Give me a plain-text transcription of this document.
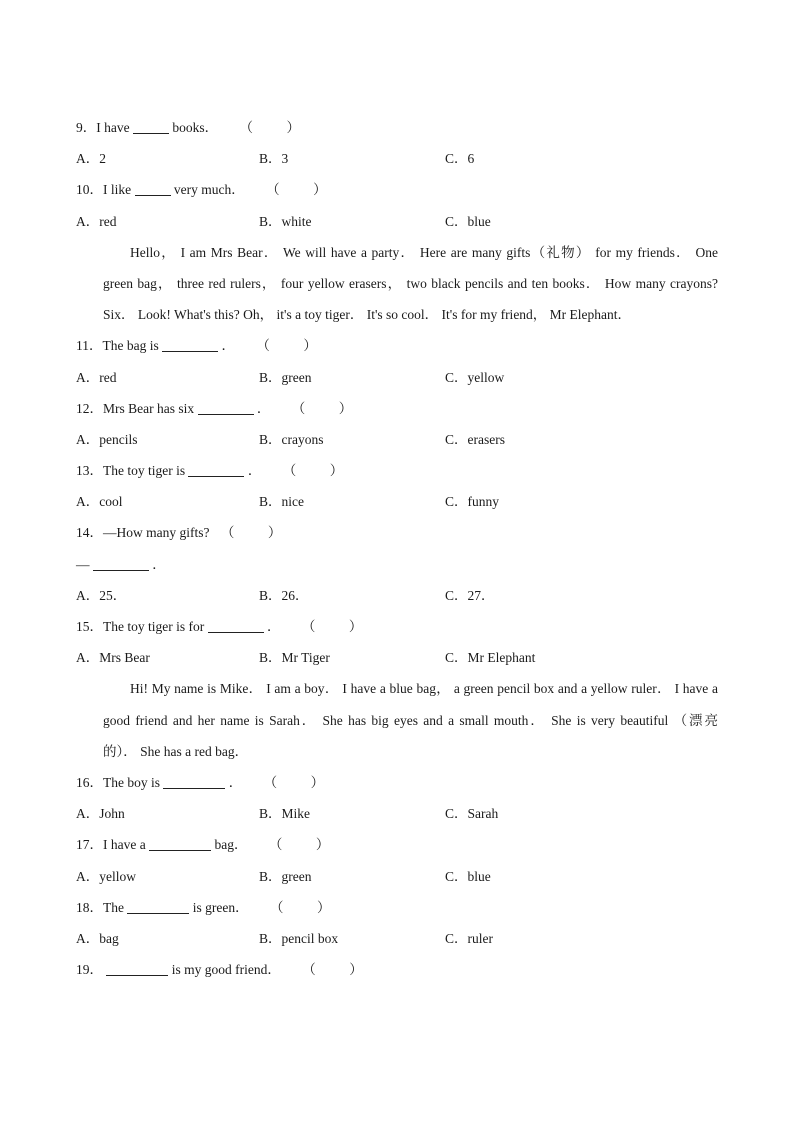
9．I have	books． （　）
A．2	B．3	C．6
10．I like	very much． （　）
A．red	B．white	C．blue
Hello， I am Mrs Bear． We will have a party． Here are many gifts（礼物） for my friends． One
green bag， three red rulers， four yellow erasers， two black pencils and ten books． How many crayons?
Six． Look! What's this? Oh， it's a toy tiger． It's so cool． It's for my friend， Mr Elephant．
11．The bag is	． （　）
A．red	B．green	C．yellow
12．Mrs Bear has six	． （　）
A．pencils	B．crayons	C．erasers
13．The toy tiger is	． （　）
A．cool	B．nice	C．funny
14．—How many gifts? （　）
—	．
A．25．	B．26．	C．27．
15．The toy tiger is for	． （　）
A．Mrs Bear	B．Mr Tiger	C．Mr Elephant
Hi! My name is Mike． I am a boy． I have a blue bag， a green pencil box and a yellow ruler． I have a
good friend and her name is Sarah． She has big eyes and a small mouth． She is very beautiful （漂亮
的）． She has a red bag．
16．The boy is	． （　）
A．John	B．Mike	C．Sarah
17．I have a	bag． （　）
A．yellow	B．green	C．blue
18．The	is green． （　）
A．bag	B．pencil box	C．ruler
19．	is my good friend． （　）
